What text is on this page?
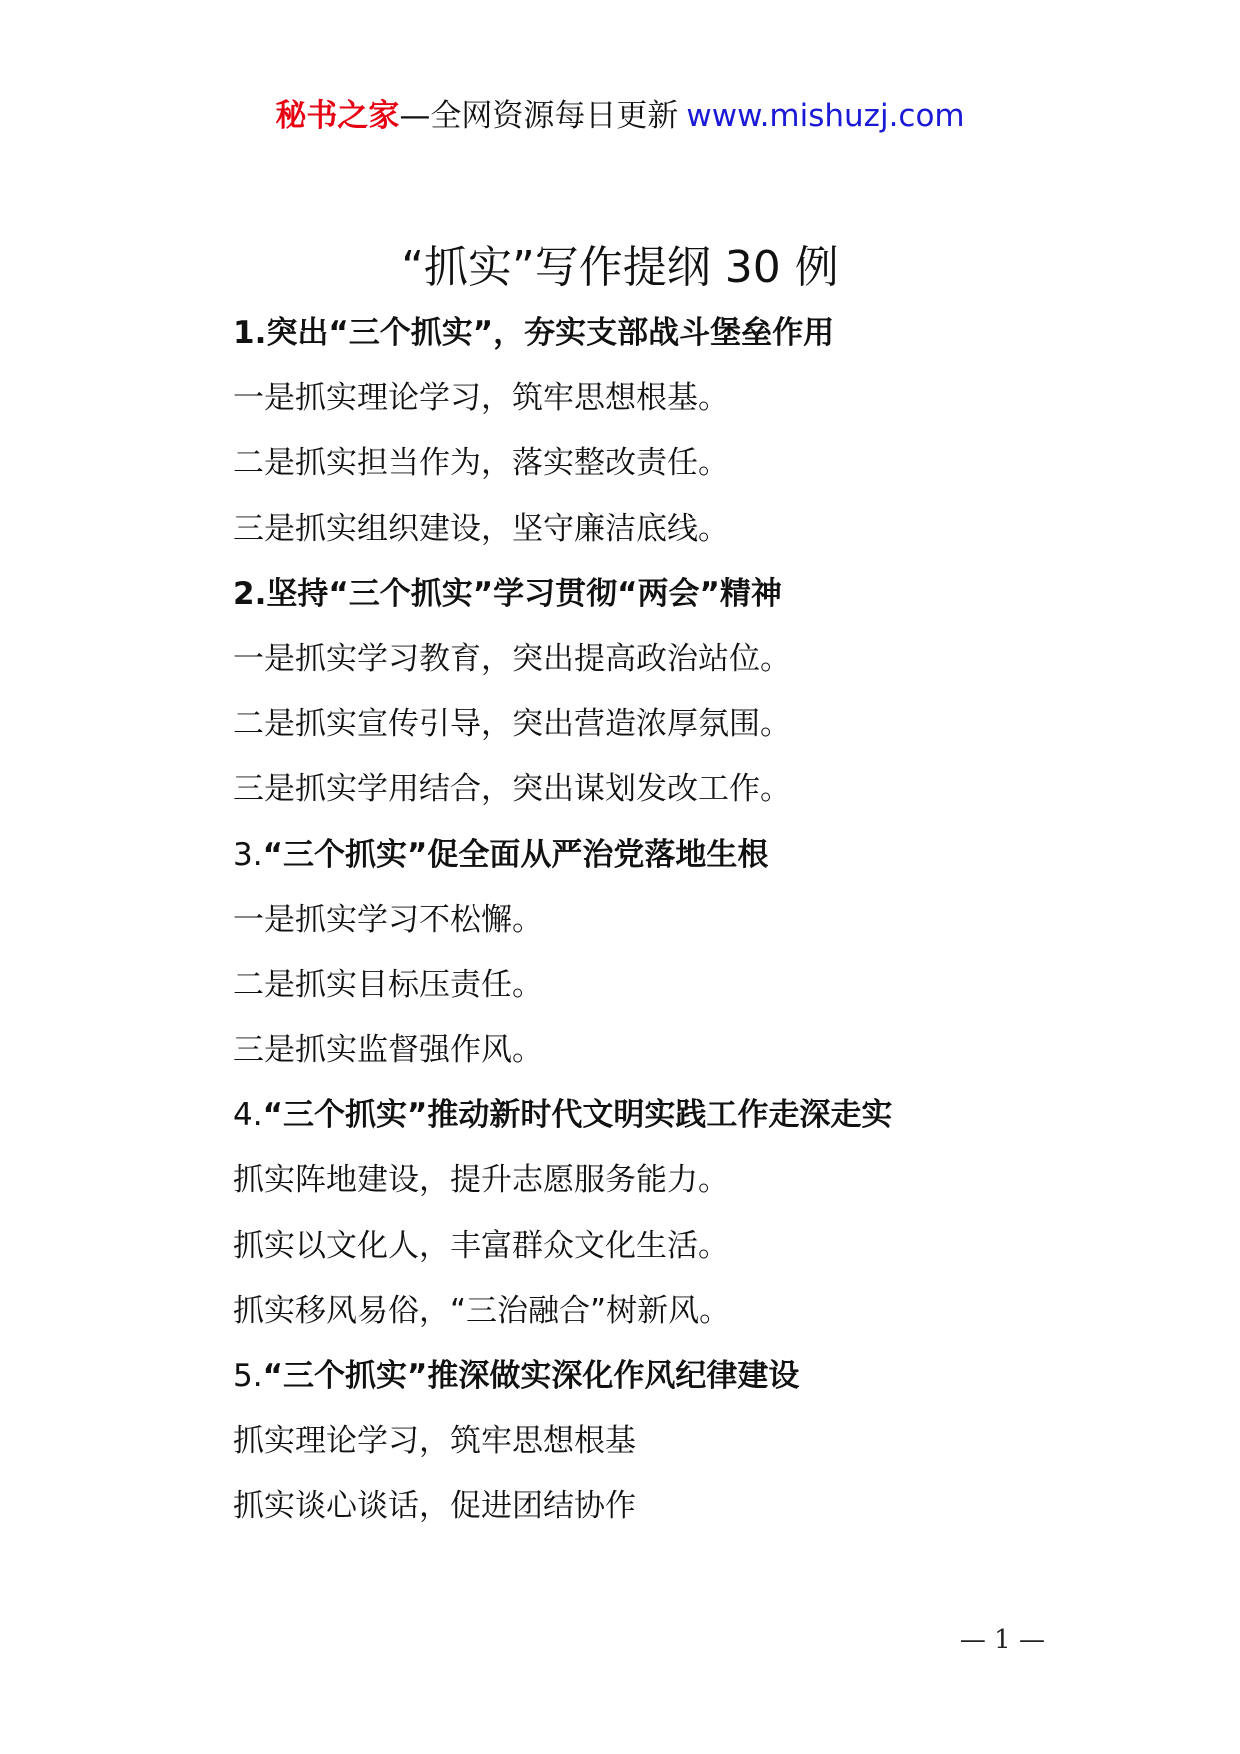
秘书之家—全网资源每日更新 www.mishuzj.com
“抓实”写作提纲 30 例
1.突出“三个抓实”，夯实支部战斗堡垒作用
一是抓实理论学习，筑牢思想根基。
二是抓实担当作为，落实整改责任。
三是抓实组织建设，坚守廉洁底线。
2.坚持“三个抓实”学习贯彻“两会”精神
一是抓实学习教育，突出提高政治站位。
二是抓实宣传引导，突出营造浓厚氛围。
三是抓实学用结合，突出谋划发改工作。
3.“三个抓实”促全面从严治党落地生根
一是抓实学习不松懈。
二是抓实目标压责任。
三是抓实监督强作风。
4.“三个抓实”推动新时代文明实践工作走深走实
抓实阵地建设，提升志愿服务能力。
抓实以文化人，丰富群众文化生活。
抓实移风易俗，“三治融合”树新风。
5.“三个抓实”推深做实深化作风纪律建设
抓实理论学习，筑牢思想根基
抓实谈心谈话，促进团结协作
— 1 —
